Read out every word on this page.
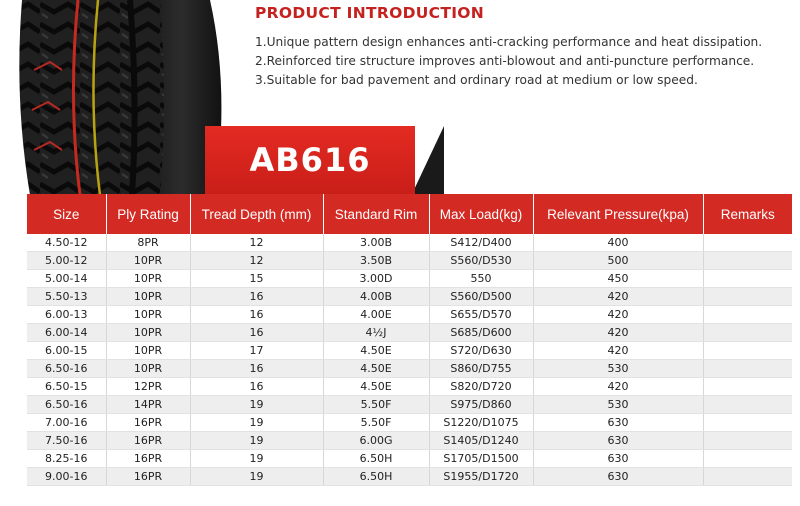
PRODUCT INTRODUCTION
1.Unique pattern design enhances anti-cracking performance and heat dissipation.
2.Reinforced tire structure improves anti-blowout and anti-puncture performance.
3.Suitable for bad pavement and ordinary road at medium or low speed.
AB616
Size	Ply Rating	Tread Depth (mm)	Standard Rim	Max Load(kg)	Relevant Pressure(kpa)	Remarks
4.50-12	8PR	12	3.00B	S412/D400	400	
5.00-12	10PR	12	3.50B	S560/D530	500	
5.00-14	10PR	15	3.00D	550	450	
5.50-13	10PR	16	4.00B	S560/D500	420	
6.00-13	10PR	16	4.00E	S655/D570	420	
6.00-14	10PR	16	4½J	S685/D600	420	
6.00-15	10PR	17	4.50E	S720/D630	420	
6.50-16	10PR	16	4.50E	S860/D755	530	
6.50-15	12PR	16	4.50E	S820/D720	420	
6.50-16	14PR	19	5.50F	S975/D860	530	
7.00-16	16PR	19	5.50F	S1220/D1075	630	
7.50-16	16PR	19	6.00G	S1405/D1240	630	
8.25-16	16PR	19	6.50H	S1705/D1500	630	
9.00-16	16PR	19	6.50H	S1955/D1720	630	
